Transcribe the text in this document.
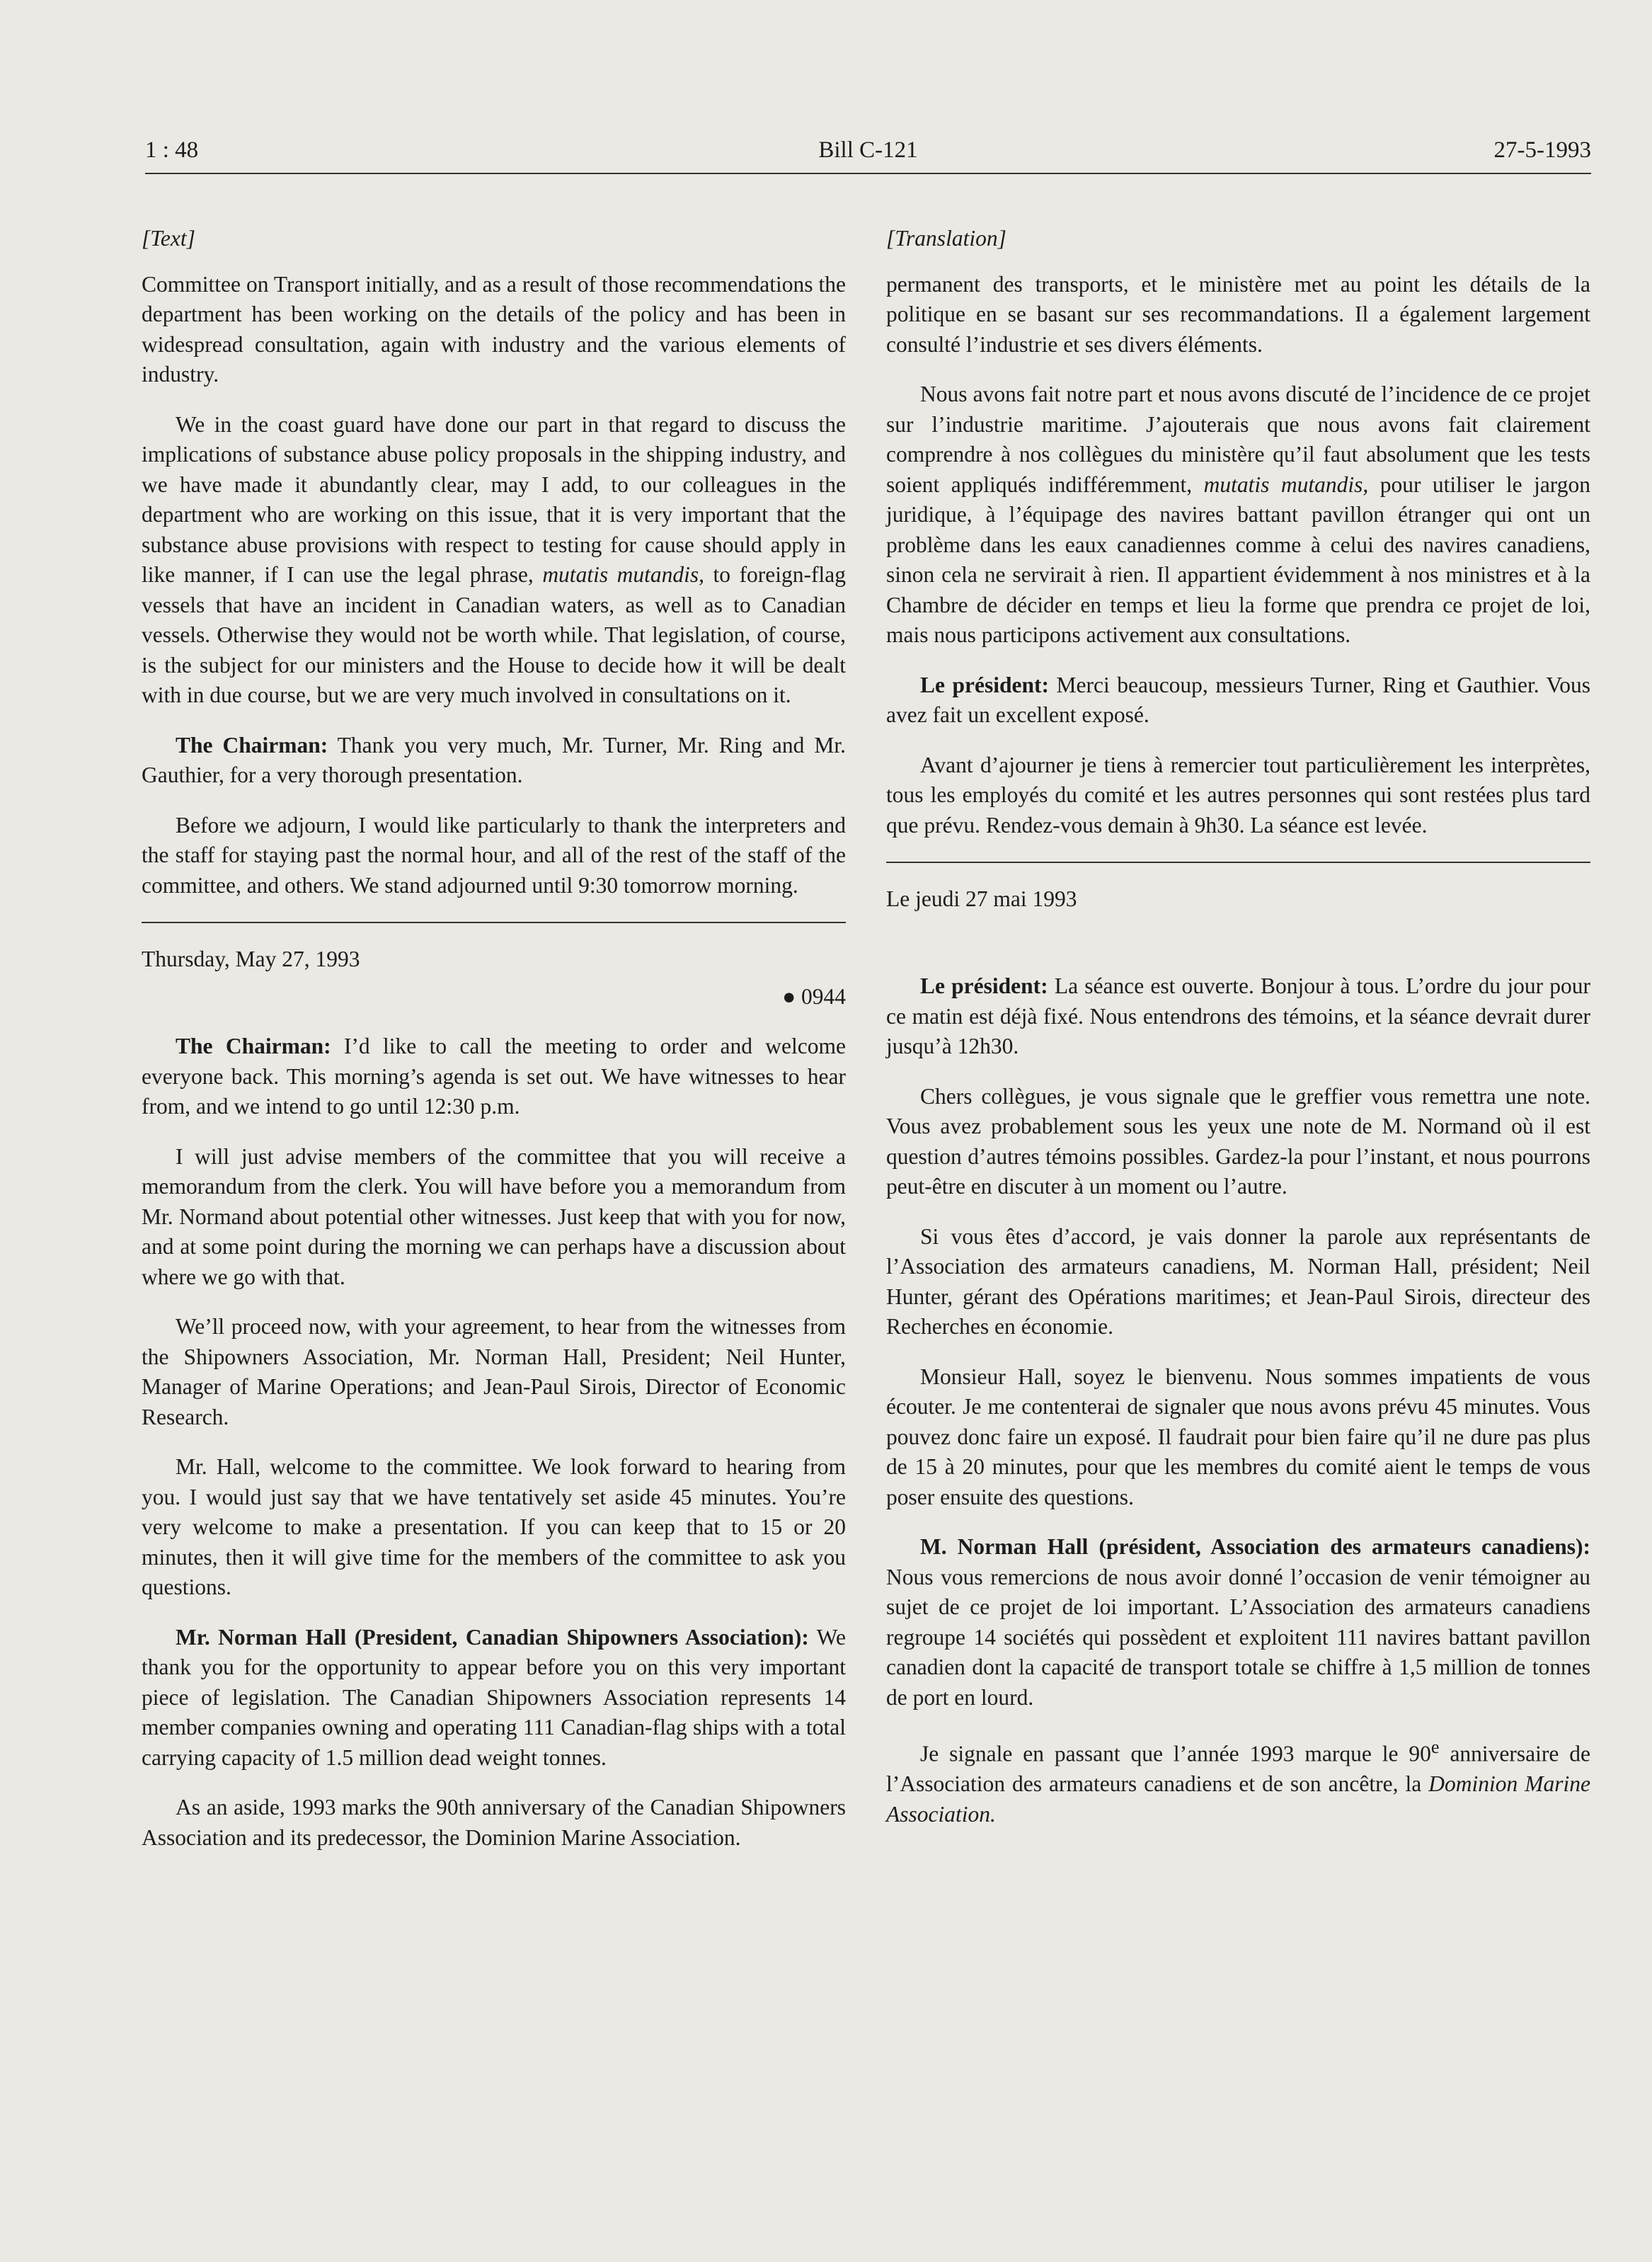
1 : 48	Bill C-121	27-5-1993
[Text]

Committee on Transport initially, and as a result of those recommendations the department has been working on the details of the policy and has been in widespread consultation, again with industry and the various elements of industry.

We in the coast guard have done our part in that regard to discuss the implications of substance abuse policy proposals in the shipping industry, and we have made it abundantly clear, may I add, to our colleagues in the department who are working on this issue, that it is very important that the substance abuse provisions with respect to testing for cause should apply in like manner, if I can use the legal phrase, mutatis mutandis, to foreign-flag vessels that have an incident in Canadian waters, as well as to Canadian vessels. Otherwise they would not be worth while. That legislation, of course, is the subject for our ministers and the House to decide how it will be dealt with in due course, but we are very much involved in consultations on it.

The Chairman: Thank you very much, Mr. Turner, Mr. Ring and Mr. Gauthier, for a very thorough presentation.

Before we adjourn, I would like particularly to thank the interpreters and the staff for staying past the normal hour, and all of the rest of the staff of the committee, and others. We stand adjourned until 9:30 tomorrow morning.

Thursday, May 27, 1993

● 0944

The Chairman: I’d like to call the meeting to order and welcome everyone back. This morning’s agenda is set out. We have witnesses to hear from, and we intend to go until 12:30 p.m.

I will just advise members of the committee that you will receive a memorandum from the clerk. You will have before you a memorandum from Mr. Normand about potential other witnesses. Just keep that with you for now, and at some point during the morning we can perhaps have a discussion about where we go with that.

We’ll proceed now, with your agreement, to hear from the witnesses from the Shipowners Association, Mr. Norman Hall, President; Neil Hunter, Manager of Marine Operations; and Jean-Paul Sirois, Director of Economic Research.

Mr. Hall, welcome to the committee. We look forward to hearing from you. I would just say that we have tentatively set aside 45 minutes. You’re very welcome to make a presentation. If you can keep that to 15 or 20 minutes, then it will give time for the members of the committee to ask you questions.

Mr. Norman Hall (President, Canadian Shipowners Association): We thank you for the opportunity to appear before you on this very important piece of legislation. The Canadian Shipowners Association represents 14 member companies owning and operating 111 Canadian-flag ships with a total carrying capacity of 1.5 million dead weight tonnes.

As an aside, 1993 marks the 90th anniversary of the Canadian Shipowners Association and its predecessor, the Dominion Marine Association.

[Translation]

permanent des transports, et le ministère met au point les détails de la politique en se basant sur ses recommandations. Il a également largement consulté l’industrie et ses divers éléments.

Nous avons fait notre part et nous avons discuté de l’incidence de ce projet sur l’industrie maritime. J’ajouterais que nous avons fait clairement comprendre à nos collègues du ministère qu’il faut absolument que les tests soient appliqués indifféremment, mutatis mutandis, pour utiliser le jargon juridique, à l’équipage des navires battant pavillon étranger qui ont un problème dans les eaux canadiennes comme à celui des navires canadiens, sinon cela ne servirait à rien. Il appartient évidemment à nos ministres et à la Chambre de décider en temps et lieu la forme que prendra ce projet de loi, mais nous participons activement aux consultations.

Le président: Merci beaucoup, messieurs Turner, Ring et Gauthier. Vous avez fait un excellent exposé.

Avant d’ajourner je tiens à remercier tout particulièrement les interprètes, tous les employés du comité et les autres personnes qui sont restées plus tard que prévu. Rendez-vous demain à 9h30. La séance est levée.

Le jeudi 27 mai 1993

Le président: La séance est ouverte. Bonjour à tous. L’ordre du jour pour ce matin est déjà fixé. Nous entendrons des témoins, et la séance devrait durer jusqu’à 12h30.

Chers collègues, je vous signale que le greffier vous remettra une note. Vous avez probablement sous les yeux une note de M. Normand où il est question d’autres témoins possibles. Gardez-la pour l’instant, et nous pourrons peut-être en discuter à un moment ou l’autre.

Si vous êtes d’accord, je vais donner la parole aux représentants de l’Association des armateurs canadiens, M. Norman Hall, président; Neil Hunter, gérant des Opérations maritimes; et Jean-Paul Sirois, directeur des Recherches en économie.

Monsieur Hall, soyez le bienvenu. Nous sommes impatients de vous écouter. Je me contenterai de signaler que nous avons prévu 45 minutes. Vous pouvez donc faire un exposé. Il faudrait pour bien faire qu’il ne dure pas plus de 15 à 20 minutes, pour que les membres du comité aient le temps de vous poser ensuite des questions.

M. Norman Hall (président, Association des armateurs canadiens): Nous vous remercions de nous avoir donné l’occasion de venir témoigner au sujet de ce projet de loi important. L’Association des armateurs canadiens regroupe 14 sociétés qui possèdent et exploitent 111 navires battant pavillon canadien dont la capacité de transport totale se chiffre à 1,5 million de tonnes de port en lourd.

Je signale en passant que l’année 1993 marque le 90e anniversaire de l’Association des armateurs canadiens et de son ancêtre, la Dominion Marine Association.
